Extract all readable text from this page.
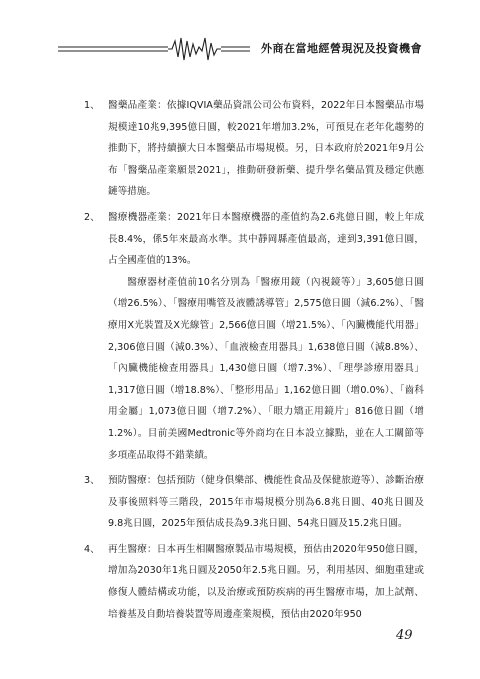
外商在當地經營現況及投資機會
1、 醫藥品產業：依據IQVIA藥品資訊公司公布資料，2022年日本醫藥品市場規模達10兆9,395億日圓，較2021年增加3.2%，可預見在老年化趨勢的推動下，將持續擴大日本醫藥品市場規模。另，日本政府於2021年9月公布「醫藥品產業願景2021」，推動研發新藥、提升學名藥品質及穩定供應鏈等措施。

2、 醫療機器產業：2021年日本醫療機器的產值約為2.6兆億日圓，較上年成長8.4%，係5年來最高水準。其中靜岡縣產值最高，達到3,391億日圓，占全國產值的13%。

醫療器材產值前10名分別為「醫療用鏡（內視鏡等）」3,605億日圓（增26.5%）、「醫療用嘴管及液體誘導管」2,575億日圓（減6.2%）、「醫療用X光裝置及X光線管」2,566億日圓（增21.5%）、「內臟機能代用器」2,306億日圓（減0.3%）、「血液檢查用器具」1,638億日圓（減8.8%）、「內臟機能檢查用器具」1,430億日圓（增7.3%）、「理學診療用器具」1,317億日圓（增18.8%）、「整形用品」1,162億日圓（增0.0%）、「齒科用金屬」1,073億日圓（增7.2%）、「眼力矯正用鏡片」816億日圓（增1.2%）。目前美國Medtronic等外商均在日本設立據點，並在人工關節等多項產品取得不錯業績。

3、 預防醫療：包括預防（健身俱樂部、機能性食品及保健旅遊等）、診斷治療及事後照料等三階段，2015年市場規模分別為6.8兆日圓、40兆日圓及9.8兆日圓，2025年預估成長為9.3兆日圓、54兆日圓及15.2兆日圓。

4、 再生醫療：日本再生相關醫療製品市場規模，預估由2020年950億日圓，增加為2030年1兆日圓及2050年2.5兆日圓。另，利用基因、細胞重建或修復人體結構或功能，以及治療或預防疾病的再生醫療市場，加上試劑、培養基及自動培養裝置等周邊產業規模，預估由2020年950

49
